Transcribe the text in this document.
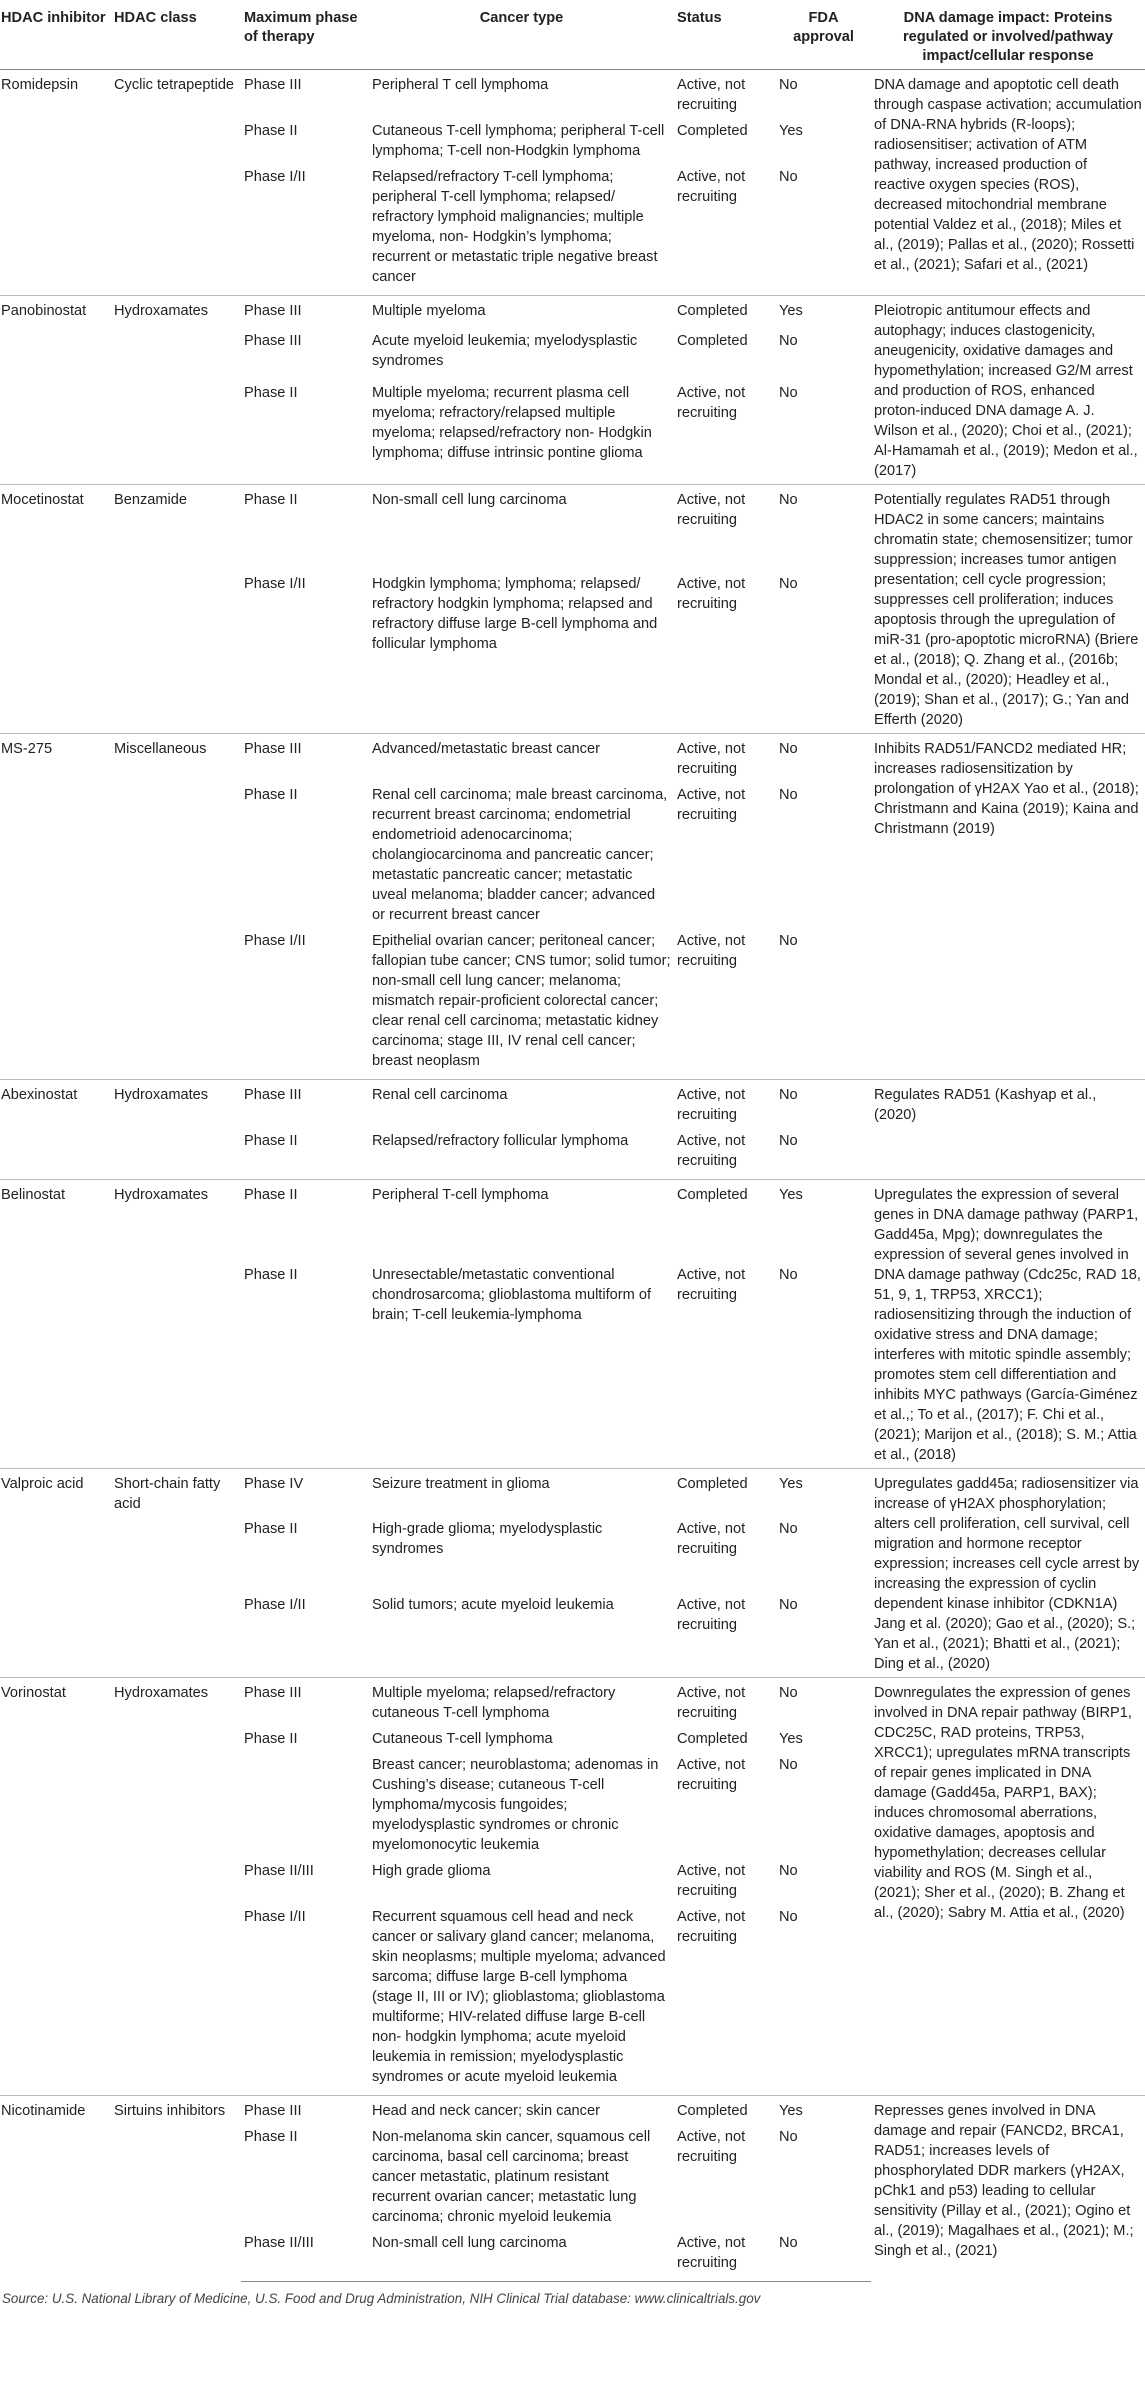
HDAC inhibitor	HDAC class	Maximum phase of therapy	Cancer type	Status	FDA approval	DNA damage impact: Proteins regulated or involved/pathway impact/cellular response
Romidepsin	Cyclic tetrapeptide	Phase III	Peripheral T cell lymphoma	Active, not recruiting	No	DNA damage and apoptotic cell death through caspase activation; accumulation of DNA-RNA hybrids (R-loops); radiosensitiser; activation of ATM pathway, increased production of reactive oxygen species (ROS), decreased mitochondrial membrane potential Valdez et al., (2018); Miles et al., (2019); Pallas et al., (2020); Rossetti et al., (2021); Safari et al., (2021)
		Phase II	Cutaneous T-cell lymphoma; peripheral T-cell lymphoma; T-cell non-Hodgkin lymphoma	Completed	Yes	
		Phase I/II	Relapsed/refractory T-cell lymphoma; peripheral T-cell lymphoma; relapsed/ refractory lymphoid malignancies; multiple myeloma, non- Hodgkin’s lymphoma; recurrent or metastatic triple negative breast cancer	Active, not recruiting	No	
Panobinostat	Hydroxamates	Phase III	Multiple myeloma	Completed	Yes	Pleiotropic antitumour effects and autophagy; induces clastogenicity, aneugenicity, oxidative damages and hypomethylation; increased G2/M arrest and production of ROS, enhanced proton-induced DNA damage A. J. Wilson et al., (2020); Choi et al., (2021); Al-Hamamah et al., (2019); Medon et al., (2017)
		Phase III	Acute myeloid leukemia; myelodysplastic syndromes	Completed	No	
		Phase II	Multiple myeloma; recurrent plasma cell myeloma; refractory/relapsed multiple myeloma; relapsed/refractory non- Hodgkin lymphoma; diffuse intrinsic pontine glioma	Active, not recruiting	No	
Mocetinostat	Benzamide	Phase II	Non-small cell lung carcinoma	Active, not recruiting	No	Potentially regulates RAD51 through HDAC2 in some cancers; maintains chromatin state; chemosensitizer; tumor suppression; increases tumor antigen presentation; cell cycle progression; suppresses cell proliferation; induces apoptosis through the upregulation of miR-31 (pro-apoptotic microRNA) (Briere et al., (2018); Q. Zhang et al., (2016b; Mondal et al., (2020); Headley et al., (2019); Shan et al., (2017); G.; Yan and Efferth (2020)
		Phase I/II	Hodgkin lymphoma; lymphoma; relapsed/ refractory hodgkin lymphoma; relapsed and refractory diffuse large B-cell lymphoma and follicular lymphoma	Active, not recruiting	No	
MS-275	Miscellaneous	Phase III	Advanced/metastatic breast cancer	Active, not recruiting	No	Inhibits RAD51/FANCD2 mediated HR; increases radiosensitization by prolongation of γH2AX Yao et al., (2018); Christmann and Kaina (2019); Kaina and Christmann (2019)
		Phase II	Renal cell carcinoma; male breast carcinoma, recurrent breast carcinoma; endometrial endometrioid adenocarcinoma; cholangiocarcinoma and pancreatic cancer; metastatic pancreatic cancer; metastatic uveal melanoma; bladder cancer; advanced or recurrent breast cancer	Active, not recruiting	No	
		Phase I/II	Epithelial ovarian cancer; peritoneal cancer; fallopian tube cancer; CNS tumor; solid tumor; non-small cell lung cancer; melanoma; mismatch repair-proficient colorectal cancer; clear renal cell carcinoma; metastatic kidney carcinoma; stage III, IV renal cell cancer; breast neoplasm	Active, not recruiting	No	
Abexinostat	Hydroxamates	Phase III	Renal cell carcinoma	Active, not recruiting	No	Regulates RAD51 (Kashyap et al., (2020)
		Phase II	Relapsed/refractory follicular lymphoma	Active, not recruiting	No	
Belinostat	Hydroxamates	Phase II	Peripheral T-cell lymphoma	Completed	Yes	Upregulates the expression of several genes in DNA damage pathway (PARP1, Gadd45a, Mpg); downregulates the expression of several genes involved in DNA damage pathway (Cdc25c, RAD 18, 51, 9, 1, TRP53, XRCC1); radiosensitizing through the induction of oxidative stress and DNA damage; interferes with mitotic spindle assembly; promotes stem cell differentiation and inhibits MYC pathways (García-Giménez et al.,; To et al., (2017); F. Chi et al., (2021); Marijon et al., (2018); S. M.; Attia et al., (2018)
		Phase II	Unresectable/metastatic conventional chondrosarcoma; glioblastoma multiform of brain; T-cell leukemia-lymphoma	Active, not recruiting	No	
Valproic acid	Short-chain fatty acid	Phase IV	Seizure treatment in glioma	Completed	Yes	Upregulates gadd45a; radiosensitizer via increase of γH2AX phosphorylation; alters cell proliferation, cell survival, cell migration and hormone receptor expression; increases cell cycle arrest by increasing the expression of cyclin dependent kinase inhibitor (CDKN1A) Jang et al. (2020); Gao et al., (2020); S.; Yan et al., (2021); Bhatti et al., (2021); Ding et al., (2020)
		Phase II	High-grade glioma; myelodysplastic syndromes	Active, not recruiting	No	
		Phase I/II	Solid tumors; acute myeloid leukemia	Active, not recruiting	No	
Vorinostat	Hydroxamates	Phase III	Multiple myeloma; relapsed/refractory cutaneous T-cell lymphoma	Active, not recruiting	No	Downregulates the expression of genes involved in DNA repair pathway (BIRP1, CDC25C, RAD proteins, TRP53, XRCC1); upregulates mRNA transcripts of repair genes implicated in DNA damage (Gadd45a, PARP1, BAX); induces chromosomal aberrations, oxidative damages, apoptosis and hypomethylation; decreases cellular viability and ROS (M. Singh et al., (2021); Sher et al., (2020); B. Zhang et al., (2020); Sabry M. Attia et al., (2020)
		Phase II	Cutaneous T-cell lymphoma	Completed	Yes	
			Breast cancer; neuroblastoma; adenomas in Cushing’s disease; cutaneous T-cell lymphoma/mycosis fungoides; myelodysplastic syndromes or chronic myelomonocytic leukemia	Active, not recruiting	No	
		Phase II/III	High grade glioma	Active, not recruiting	No	
		Phase I/II	Recurrent squamous cell head and neck cancer or salivary gland cancer; melanoma, skin neoplasms; multiple myeloma; advanced sarcoma; diffuse large B-cell lymphoma (stage II, III or IV); glioblastoma; glioblastoma multiforme; HIV-related diffuse large B-cell non- hodgkin lymphoma; acute myeloid leukemia in remission; myelodysplastic syndromes or acute myeloid leukemia	Active, not recruiting	No	
Nicotinamide	Sirtuins inhibitors	Phase III	Head and neck cancer; skin cancer	Completed	Yes	Represses genes involved in DNA damage and repair (FANCD2, BRCA1, RAD51; increases levels of phosphorylated DDR markers (γH2AX, pChk1 and p53) leading to cellular sensitivity (Pillay et al., (2021); Ogino et al., (2019); Magalhaes et al., (2021); M.; Singh et al., (2021)
		Phase II	Non-melanoma skin cancer, squamous cell carcinoma, basal cell carcinoma; breast cancer metastatic, platinum resistant recurrent ovarian cancer; metastatic lung carcinoma; chronic myeloid leukemia	Active, not recruiting	No	
		Phase II/III	Non-small cell lung carcinoma	Active, not recruiting	No	
Source: U.S. National Library of Medicine, U.S. Food and Drug Administration, NIH Clinical Trial database: www.clinicaltrials.gov
